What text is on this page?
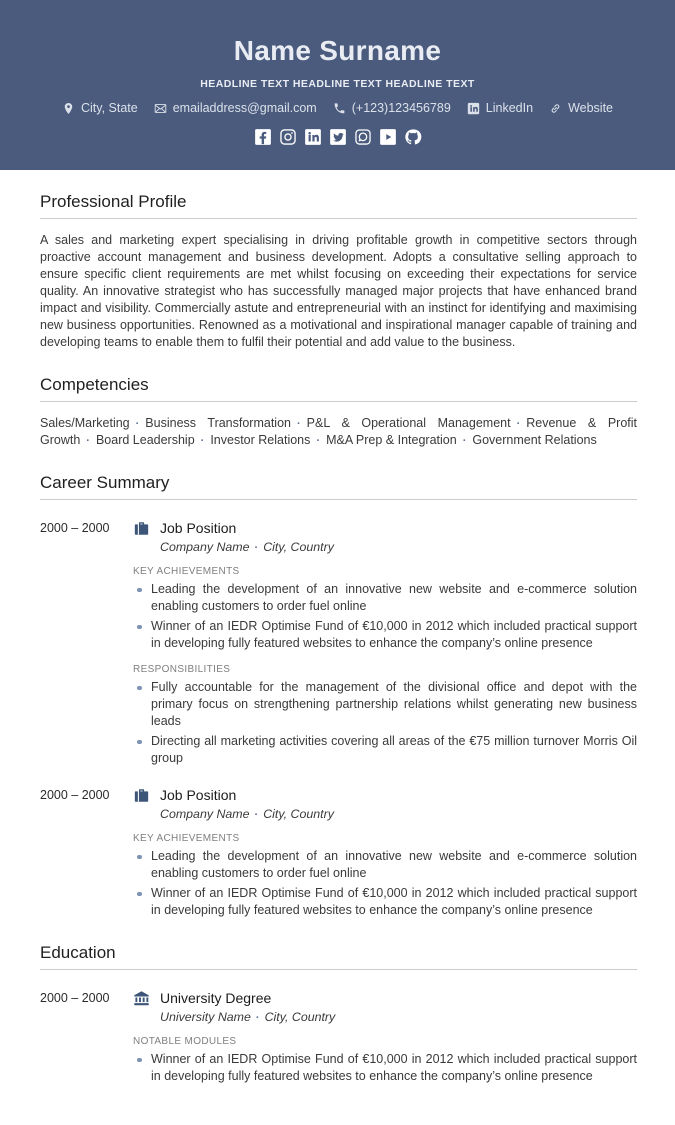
Name Surname
HEADLINE TEXT HEADLINE TEXT HEADLINE TEXT
City, State	emailaddress@gmail.com	(+123)123456789	LinkedIn	Website
Professional Profile

A sales and marketing expert specialising in driving profitable growth in competitive sectors through proactive account management and business development. Adopts a consultative selling approach to ensure specific client requirements are met whilst focusing on exceeding their expectations for service quality. An innovative strategist who has successfully managed major projects that have enhanced brand impact and visibility. Commercially astute and entrepreneurial with an instinct for identifying and maximising new business opportunities. Renowned as a motivational and inspirational manager capable of training and developing teams to enable them to fulfil their potential and add value to the business.

Competencies

Sales/Marketing · Business Transformation · P&L & Operational Management · Revenue & Profit Growth · Board Leadership · Investor Relations · M&A Prep & Integration · Government Relations

Career Summary
2000 – 2000	Job Position
Company Name · City, Country
KEY ACHIEVEMENTS
Leading the development of an innovative new website and e-commerce solution enabling customers to order fuel online
Winner of an IEDR Optimise Fund of €10,000 in 2012 which included practical support in developing fully featured websites to enhance the company’s online presence
RESPONSIBILITIES
Fully accountable for the management of the divisional office and depot with the primary focus on strengthening partnership relations whilst generating new business leads
Directing all marketing activities covering all areas of the €75 million turnover Morris Oil group
2000 – 2000	Job Position
Company Name · City, Country
KEY ACHIEVEMENTS
Leading the development of an innovative new website and e-commerce solution enabling customers to order fuel online
Winner of an IEDR Optimise Fund of €10,000 in 2012 which included practical support in developing fully featured websites to enhance the company’s online presence
Education
2000 – 2000	University Degree
University Name · City, Country
NOTABLE MODULES
Winner of an IEDR Optimise Fund of €10,000 in 2012 which included practical support in developing fully featured websites to enhance the company’s online presence
